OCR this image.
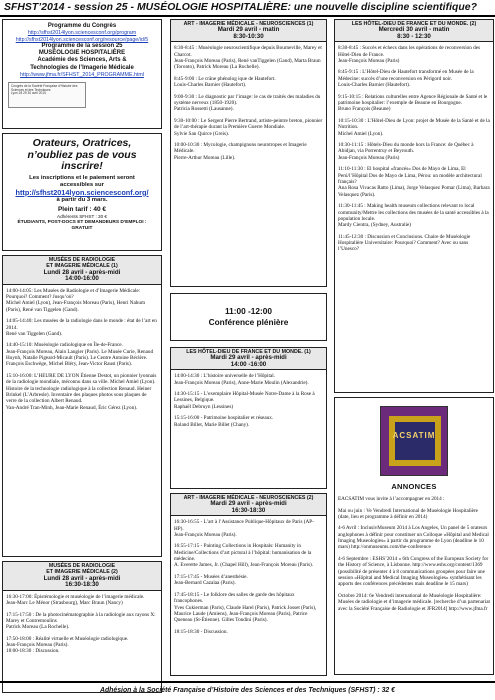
SFHST’2014 - session 25 - MUSÉOLOGIE HOSPITALIÈRE: une nouvelle discipline scientifique?
Programme du Congrès
http://sfhst2014lyon.sciencesconf.org/program
http://sfhst2014lyon.sciencesconf.org/resource/page/id/5
Programme de la session 25
MUSÉOLOGIE HOSPITALIÈRE
Académie des Sciences, Arts &
Technologies de l’Imagerie Médicale
http://www.jfma.fr/SFHST_2014_PROGRAMME.html
Congrès de la Société Française d’Histoire des Sciences et des Techniques
Lyon 28 29 30 avril 2014
Orateurs, Oratrices,
n’oubliez pas de vous
inscrire!
Les inscriptions et le paiement seront
accessibles sur
http://sfhst2014lyon.sciencesconf.org/
à partir du 3 mars.
Plein tarif : 40 €
Adhérents SFHST : 30 €
ÉTUDIANTS, POST-DOCS ET DEMANDEURS D’EMPLOI : GRATUIT
MUSÉES DE RADIOLOGIE
ET IMAGERIE MÉDICALE (1)
Lundi 28 avril - après-midi
14:00-16:00

14:00-14:05: Les Musées de Radiologie et d’Imagerie Médicale: Pourquoi? Comment? Jusqu’où?

Michel Amiel (Lyon), Jean-François Moreau (Paris), Henri Nahum (Paris), René van Tiggelen (Gand).

14:05-14:40: Les musées de la radiologie dans le monde : état de l’art en 2014.

René van Tiggelen (Gand).

14:40-15:10: Muséologie radiologique en Île-de-France.

Jean-François Moreau, Alain Laugier (Paris). Le Musée Curie, Renaud Huynh, Natalie Pigeard-Micault (Paris). Le Centre Antoine Béclère. François Eschwège, Michel Bléry, Jean-Victor Raust (Paris).

15:10-16:00: L’HEURE DE LYON Étienne Destot, un pionnier lyonnais de la radiologie mondiale, méconnu dans sa ville. Michel Amiel (Lyon). Histoire de la technologie radiologique à la collection Renaud. Heiner Brinkel (L’Arbresle). Inventaire des plaques photos sous plaques de verre de la collection Albert Renaud.

Van-André Tran-Minh, Jean-Marie Renaud, Éric Gérez (Lyon).

MUSÉES DE RADIOLOGIE
ET IMAGERIE MÉDICALE (2)
Lundi 28 avril - après-midi
16:30-18:30

16:30-17:00: Épistémologie et muséologie de l’imagerie médicale.

Jean-Marc Le Ménor (Strasbourg), Marc Braun (Nancy)

17:15-17:50 : De la photocinématographie à la radiologie aux rayons X: Marey et Contremoulins

Patrick Moreau (La Rochelle).

17:50-18:00 : Réalité virtuelle et Muséologie radiologique.

Jean-François Moreau (Paris).

18:00-18:30 : Discussion.

ART - IMAGERIE MÉDICALE - NEUROSCIENCES (1)
Mardi 29 avril - matin
8:30-10:30

8:30-8:45 : Muséologie neuroscientifique depuis Bourneville, Marey et Charcot.

Jean-François Moreau (Paris), René vanTiggelen (Gand), Marta Braun (Toronto), Patrick Moreau (La Rochelle).

8:45-9:00 : Le crâne phénolog ique de Hautefort.

Louis-Charles Barnier (Hautefort).

9:00-9:30 : Le diagnostic par l’image: le cas de traités des maladies du système nerveux (1850-1920).

Patricia Rossetti (Lausanne).

9:30-10:00 : Le Sergent Pierre Bertrand, artiste-peintre breton, pionnier de l’art-thérapie durant la Première Guerre Mondiale.

Sylvie San Quirce (Greis).

10:00-10:30 : Mycologie, champignons neurotropes et Imagerie Médicale.

Pierre-Arthur Moreau (Lille).

11:00 -12:00
Conférence plénière
LES HÔTEL-DIEU DE FRANCE ET DU MONDE. (1)
Mardi 29 avril - après-midi
14:00 -16:00

14:00-14:30 : L’histoire universelle de l’Hôpital.

Jean-François Moreau (Paris), Anne-Marie Moulin (Alexandrie).

14:30-15:15 - L’exemplaire Hôpital-Musée Notre-Dame à la Rose à Lessines, Belgique.

Raphaël Debruyn (Lessines)

15:15-16:00 - Patrimoine hospitalier et réseaux.

Roland Billet, Marie Billet (Chany).

ART - IMAGERIE MÉDICALE - NEUROSCIENCES (2)
Mardi 29 avril - après-midi
16:30-18:30

16:30-16:55 - L’art à l’Assistance Publique-Hôpitaux de Paris (AP-HP).

Jean-François Moreau (Paris).

16:55-17:15 - Painting Collections in Hospitals: Humanity in Medicine/Collections d’art pictural à l’hôpital: humanisation de la médecine.

A. Everette James, Jr. (Chapel Hill), Jean-François Moreau (Paris).

17:15-17:45 - Musées d’anesthésie.

Jean-Bernard Cazalaa (Paris).

17:45-18:15 - Le folklore des salles de garde des hôpitaux francophones.

Yves Cukierman (Paris), Claude Harel (Paris), Patrick Josset (Paris), Maurice Laude (Amiens), Jean-François Moreau (Paris), Patrice Queneau (St-Étienne). Gilles Tondini (Paris).

18:15-18:30 - Discussion.

LES HÔTEL-DIEU DE FRANCE ET DU MONDE. (2)
Mercredi 30 avril - matin
8:30 - 12:30

8:30-8:45 : Succès et échecs dans les opérations de reconversion des Hôtel-Dieu de France.

Jean-François Moreau (Paris)

8:45-9:15 : L’Hôtel-Dieu de Hautefort transformé en Musée de la Médecine: succès d’une reconversion en Périgord noir.

Louis-Charles Barnier (Hautefort).

9:15-10:15 : Relations culturelles entre Agence Régionale de Santé et le patrimoine hospitalier: l’exemple de Beaune en Bourgogne.

Bruno François (Beaune)

10:15-10:30 : L’Hôtel-Dieu de Lyon: projet de Musée de la Santé et de la Nutrition.

Michel Amiel (Lyon).

10:30-11:15 : Hôtels-Dieu du monde hors la France: de Québec à Abidjan, via Porrentruy et Beyrouth.

Jean-François Moreau (Paris)

11:10-11:30 : El hospital «francés» Dos de Mayo de Lima, El Perú/l’Hôpital Dos de Mayo de Lima, Pérou: un modèle architectural français?

Ana Rosa Vivacas Ratto (Lima), Jorge Velasquez Pomar (Lima), Barbara Velasquez (Paris).

11:30-11:45 : Making health museum collections relevant to local community/Mettre les collections des musées de la santé accessibles à la population locale.

Mardy Cientra, (Sydney, Australie)

11:45-12:30 : Discussion et Conclusions. Chaire de Muséologie Hospitalière Universitaire: Pourquoi? Comment? Avec ou sans l’Unesco?

ACSATIM
ANNONCES

EACSATIM vous invite à l’accompagner en 2014 :

Mai ou juin : Ve Vendredi International de Muséologie Hospitalière (date, lieu et programme à définir en 2014)

4-6 Avril : InclusivMuseum 2014 à Los Angeles, Un panel de 5 orateurs anglophones à définir pour constituer un Colloque «Hôpital and Medical Imaging Museologies» à partir du programme de Lyon (deadline le 10 mars) http://onmuseums.com/the-conference

4-6 Septembre : ESHS’2014 « 6th Congress of the European Society for the History of Science, à Lisbonne. http://www.eshs.org/content/1369 (possibilité de présenter 4 à 8 communications groupées pour faire une session «Hôpital and Medical Imaging Museologies» synthétisant les apports des conférences précédentes mais deadline le 15 mars)

Octobre 2014: 6e Vendredi international de Muséologie Hospitalière: Musées de radiologie et d’imagerie médicale. [recherche d’un partenariat avec la Société Française de Radiologie et JFR2014] http://www.jfma.fr

Adhésion à la Société Française d’Histoire des Sciences et des Techniques (SFHST) : 32 €
